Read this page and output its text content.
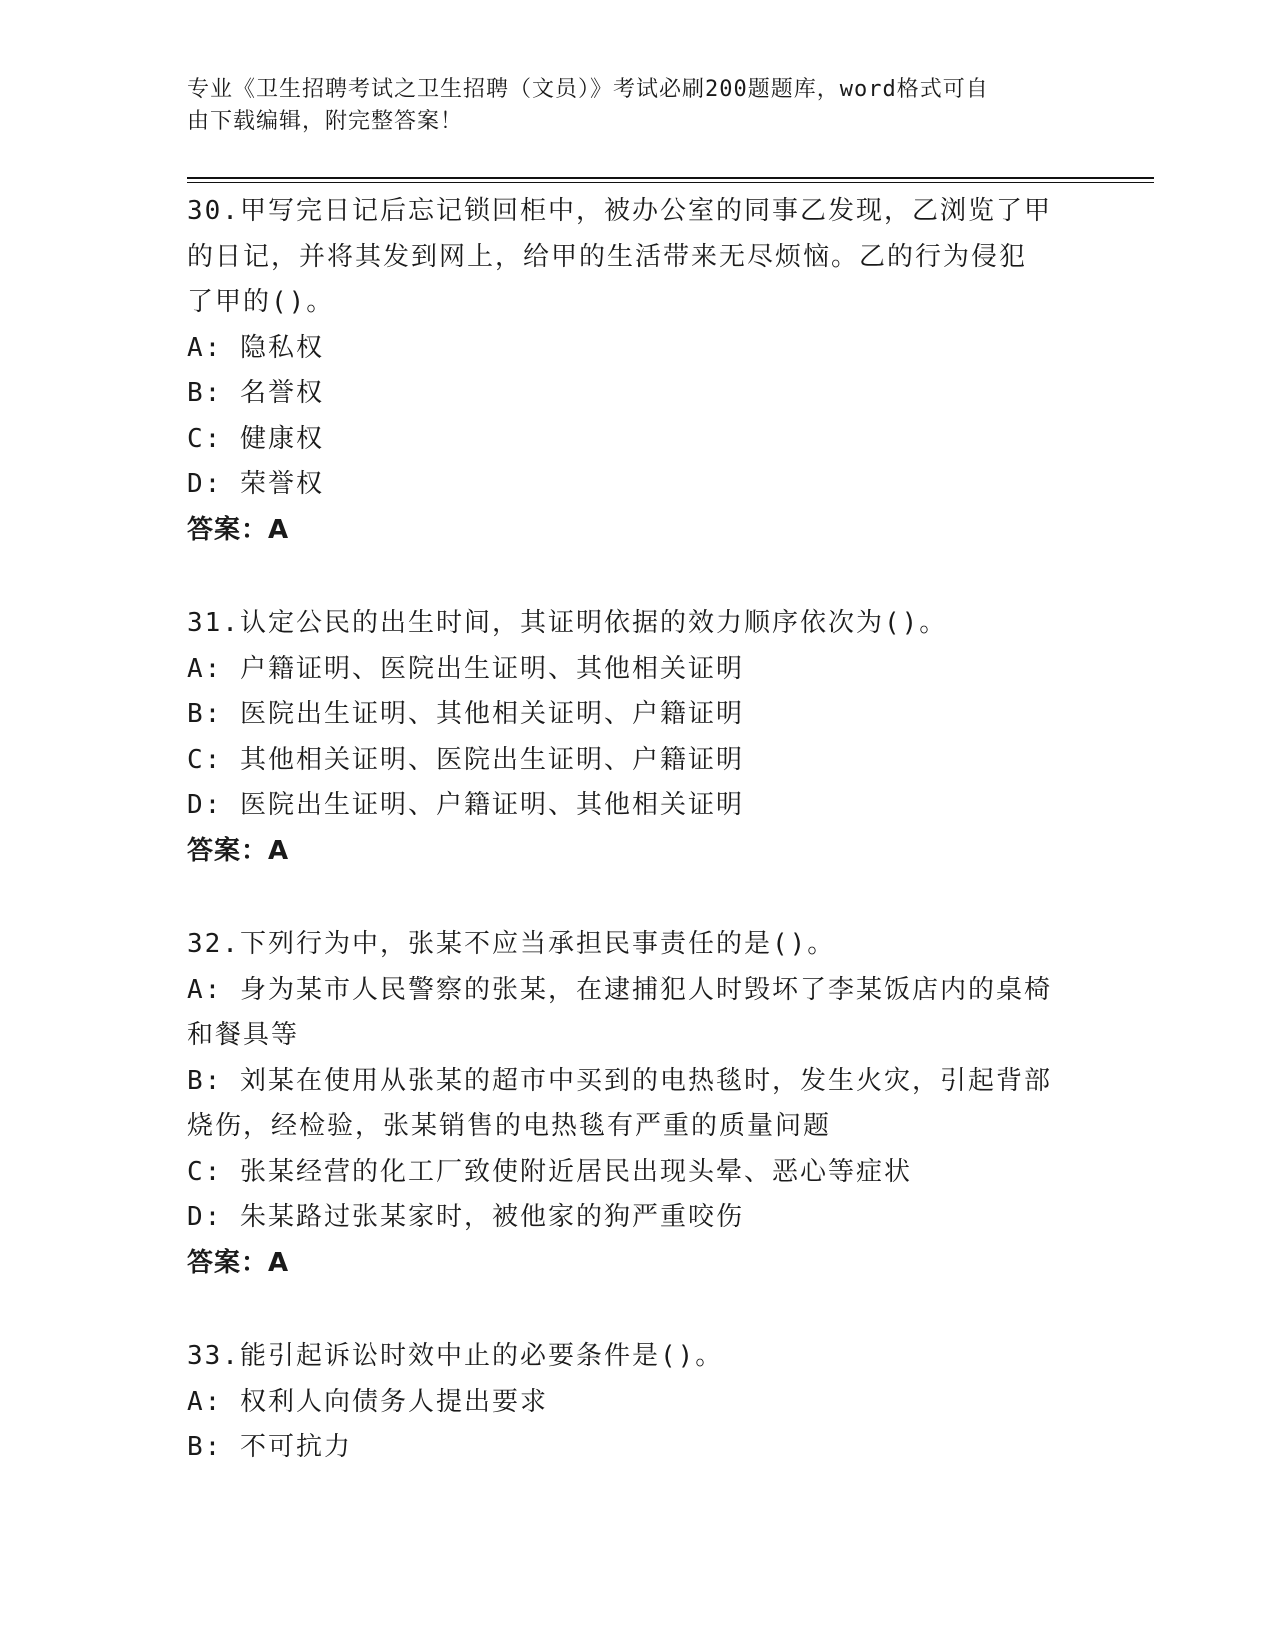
专业《卫生招聘考试之卫生招聘（文员）》考试必刷200题题库，word格式可自
由下载编辑，附完整答案！

30.甲写完日记后忘记锁回柜中，被办公室的同事乙发现，乙浏览了甲

的日记，并将其发到网上，给甲的生活带来无尽烦恼。乙的行为侵犯

了甲的()。

A: 隐私权

B: 名誉权

C: 健康权

D: 荣誉权

答案：A

31.认定公民的出生时间，其证明依据的效力顺序依次为()。

A: 户籍证明、医院出生证明、其他相关证明

B: 医院出生证明、其他相关证明、户籍证明

C: 其他相关证明、医院出生证明、户籍证明

D: 医院出生证明、户籍证明、其他相关证明

答案：A

32.下列行为中，张某不应当承担民事责任的是()。

A: 身为某市人民警察的张某，在逮捕犯人时毁坏了李某饭店内的桌椅

和餐具等

B: 刘某在使用从张某的超市中买到的电热毯时，发生火灾，引起背部

烧伤，经检验，张某销售的电热毯有严重的质量问题

C: 张某经营的化工厂致使附近居民出现头晕、恶心等症状

D: 朱某路过张某家时，被他家的狗严重咬伤

答案：A

33.能引起诉讼时效中止的必要条件是()。

A: 权利人向债务人提出要求

B: 不可抗力
